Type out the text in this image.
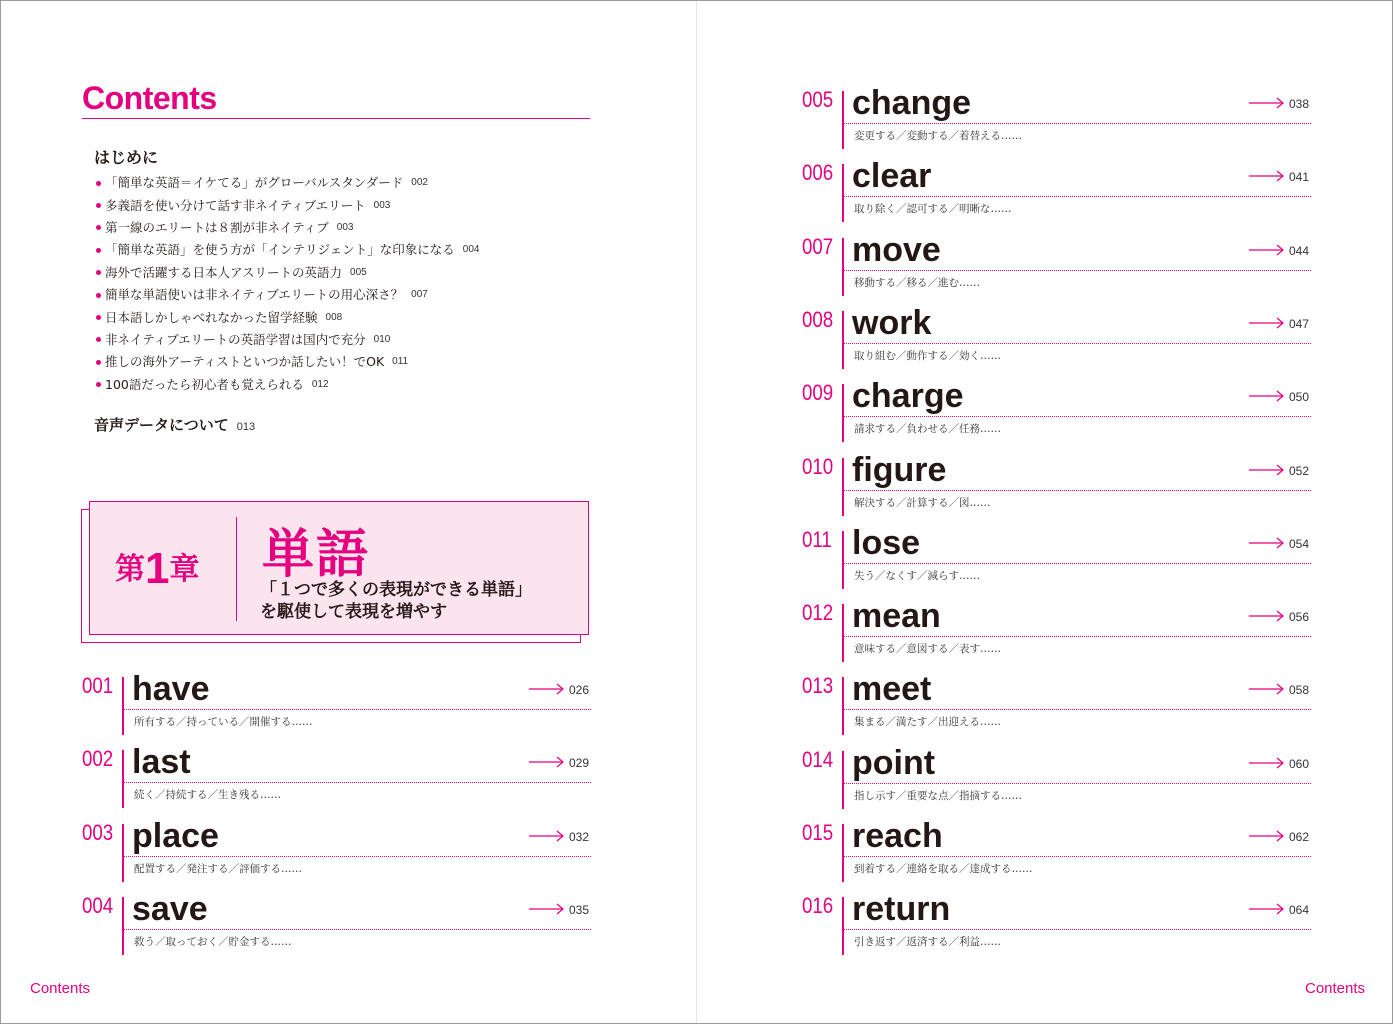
Contents
はじめに
「簡単な英語＝イケてる」がグローバルスタンダード 002
多義語を使い分けて話す非ネイティブエリート 003
第一線のエリートは８割が非ネイティブ 003
「簡単な英語」を使う方が「インテリジェント」な印象になる 004
海外で活躍する日本人アスリートの英語力 005
簡単な単語使いは非ネイティブエリートの用心深さ？ 007
日本語しかしゃべれなかった留学経験 008
非ネイティブエリートの英語学習は国内で充分 010
推しの海外アーティストといつか話したい！でOK 011
100語だったら初心者も覚えられる 012
音声データについて 013
第1章 単語
「１つで多くの表現ができる単語」
を駆使して表現を増やす
001 have	026
所有する／持っている／開催する……
002 last	029
続く／持続する／生き残る……
003 place	032
配置する／発注する／評価する……
004 save	035
救う／取っておく／貯金する……
Contents
005 change	038
変更する／変動する／着替える……
006 clear	041
取り除く／認可する／明晰な……
007 move	044
移動する／移る／進む……
008 work	047
取り組む／動作する／効く……
009 charge	050
請求する／負わせる／任務……
010 figure	052
解決する／計算する／図……
011 lose	054
失う／なくす／減らす……
012 mean	056
意味する／意図する／表す……
013 meet	058
集まる／満たす／出迎える……
014 point	060
指し示す／重要な点／指摘する……
015 reach	062
到着する／連絡を取る／達成する……
016 return	064
引き返す／返済する／利益……
Contents
